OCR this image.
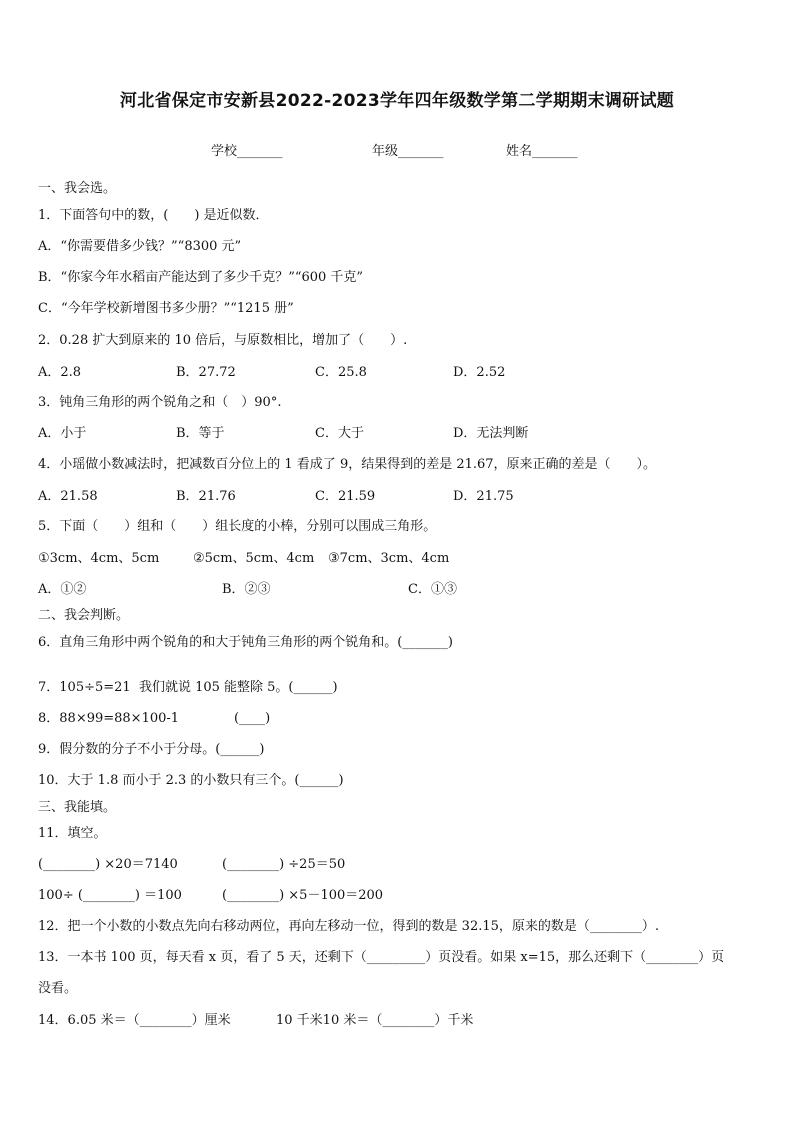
河北省保定市安新县2022-2023学年四年级数学第二学期期末调研试题
学校_______	年级_______	姓名_______
一、我会选。
1．下面答句中的数，(　　) 是近似数．
A．“你需要借多少钱？”“8300 元”
B．“你家今年水稻亩产能达到了多少千克？”“600 千克”
C．“今年学校新增图书多少册？”“1215 册”
2．0.28 扩大到原来的 10 倍后，与原数相比，增加了（　　）.
A．2.8	B．27.72	C．25.8	D．2.52
3．钝角三角形的两个锐角之和（　）90°.
A．小于	B．等于	C．大于	D．无法判断
4．小瑶做小数减法时，把减数百分位上的 1 看成了 9，结果得到的差是 21.67，原来正确的差是（　　）。
A．21.58	B．21.76	C．21.59	D．21.75
5．下面（　　）组和（　　）组长度的小棒，分别可以围成三角形。
①3cm、4cm、5cm	②5cm、5cm、4cm ③7cm、3cm、4cm
A．①②	B．②③	C．①③
二、我会判断。
6．直角三角形中两个锐角的和大于钝角三角形的两个锐角和。(_______)
7．105÷5=21  我们就说 105 能整除 5。(______)
8．88×99=88×100-1	(____)
9．假分数的分子不小于分母。(______)
10．大于 1.8 而小于 2.3 的小数只有三个。(______)
三、我能填。
11．填空。
(________) ×20＝7140	(________) ÷25＝50
100÷ (________) ＝100	(________) ×5－100＝200
12．把一个小数的小数点先向右移动两位，再向左移动一位，得到的数是 32.15，原来的数是（________）.
13．一本书 100 页，每天看 x 页，看了 5 天，还剩下（_________）页没看。如果 x=15，那么还剩下（________）页
没看。
14．6.05 米＝（________）厘米	10 千米10 米＝（________）千米
